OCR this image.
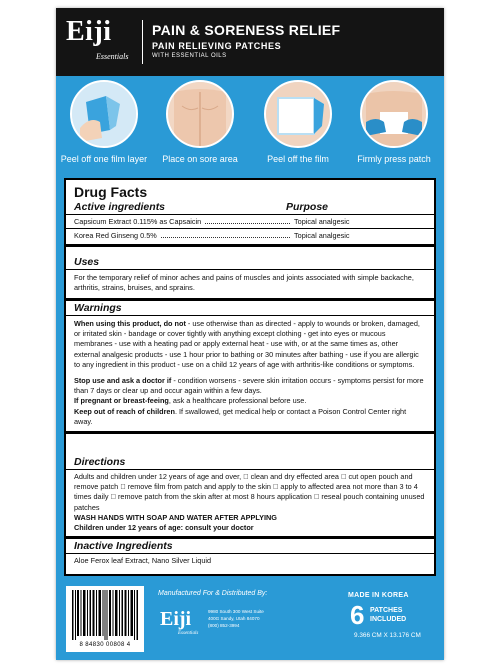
Eiji
Essentials
PAIN & SORENESS RELIEF
PAIN RELIEVING PATCHES
WITH ESSENTIAL OILS
Peel off one film layer	Place on sore area	Peel off the film	Firmly press patch
Drug Facts
Active ingredients	Purpose
Capsicum Extract 0.115% as Capsaicin	Topical analgesic
Korea Red Ginseng 0.5%	Topical analgesic
Uses
For the temporary relief of minor aches and pains of muscles and joints associated with simple backache, arthritis, strains, bruises, and sprains.
Warnings
When using this product, do not - use otherwise than as directed - apply to wounds or broken, damaged, or irritated skin - bandage or cover tightly with anything except clothing - get into eyes or mucous membranes - use with a heating pad or apply external heat - use with, or at the same times as, other external analgesic products - use 1 hour prior to bathing or 30 minutes after bathing - use if you are allergic to any ingredient in this product - use on a child 12 years of age with arthritis-like conditions or symptoms.
Stop use and ask a doctor if - condition worsens - severe skin irritation occurs - symptoms persist for more than 7 days or clear up and occur again within a few days.
If pregnant or breast-feeing, ask a healthcare professional before use.
Keep out of reach of children. If swallowed, get medical help or contact a Poison Control Center right away.
Directions
Adults and children under 12 years of age and over,   clean and dry effected area   cut open pouch and remove patch   remove film from patch and apply to the skin   apply to affected area not more than 3 to 4 times daily   remove patch from the skin after at most 8 hours application   reseal pouch containing unused patches
WASH HANDS WITH SOAP AND WATER AFTER APPLYING
Children under 12 years of age: consult your doctor
Inactive Ingredients
Aloe Ferox leaf Extract, Nano Silver Liquid
8 84830 00808 4
Manufactured For & Distributed By:
Eiji
Essentials
9980 South 300 West Suite 400G Sandy, Utah 84070 (800) 852-3994
MADE IN KOREA
6 PATCHES
INCLUDED
9.366 CM X 13.176 CM
